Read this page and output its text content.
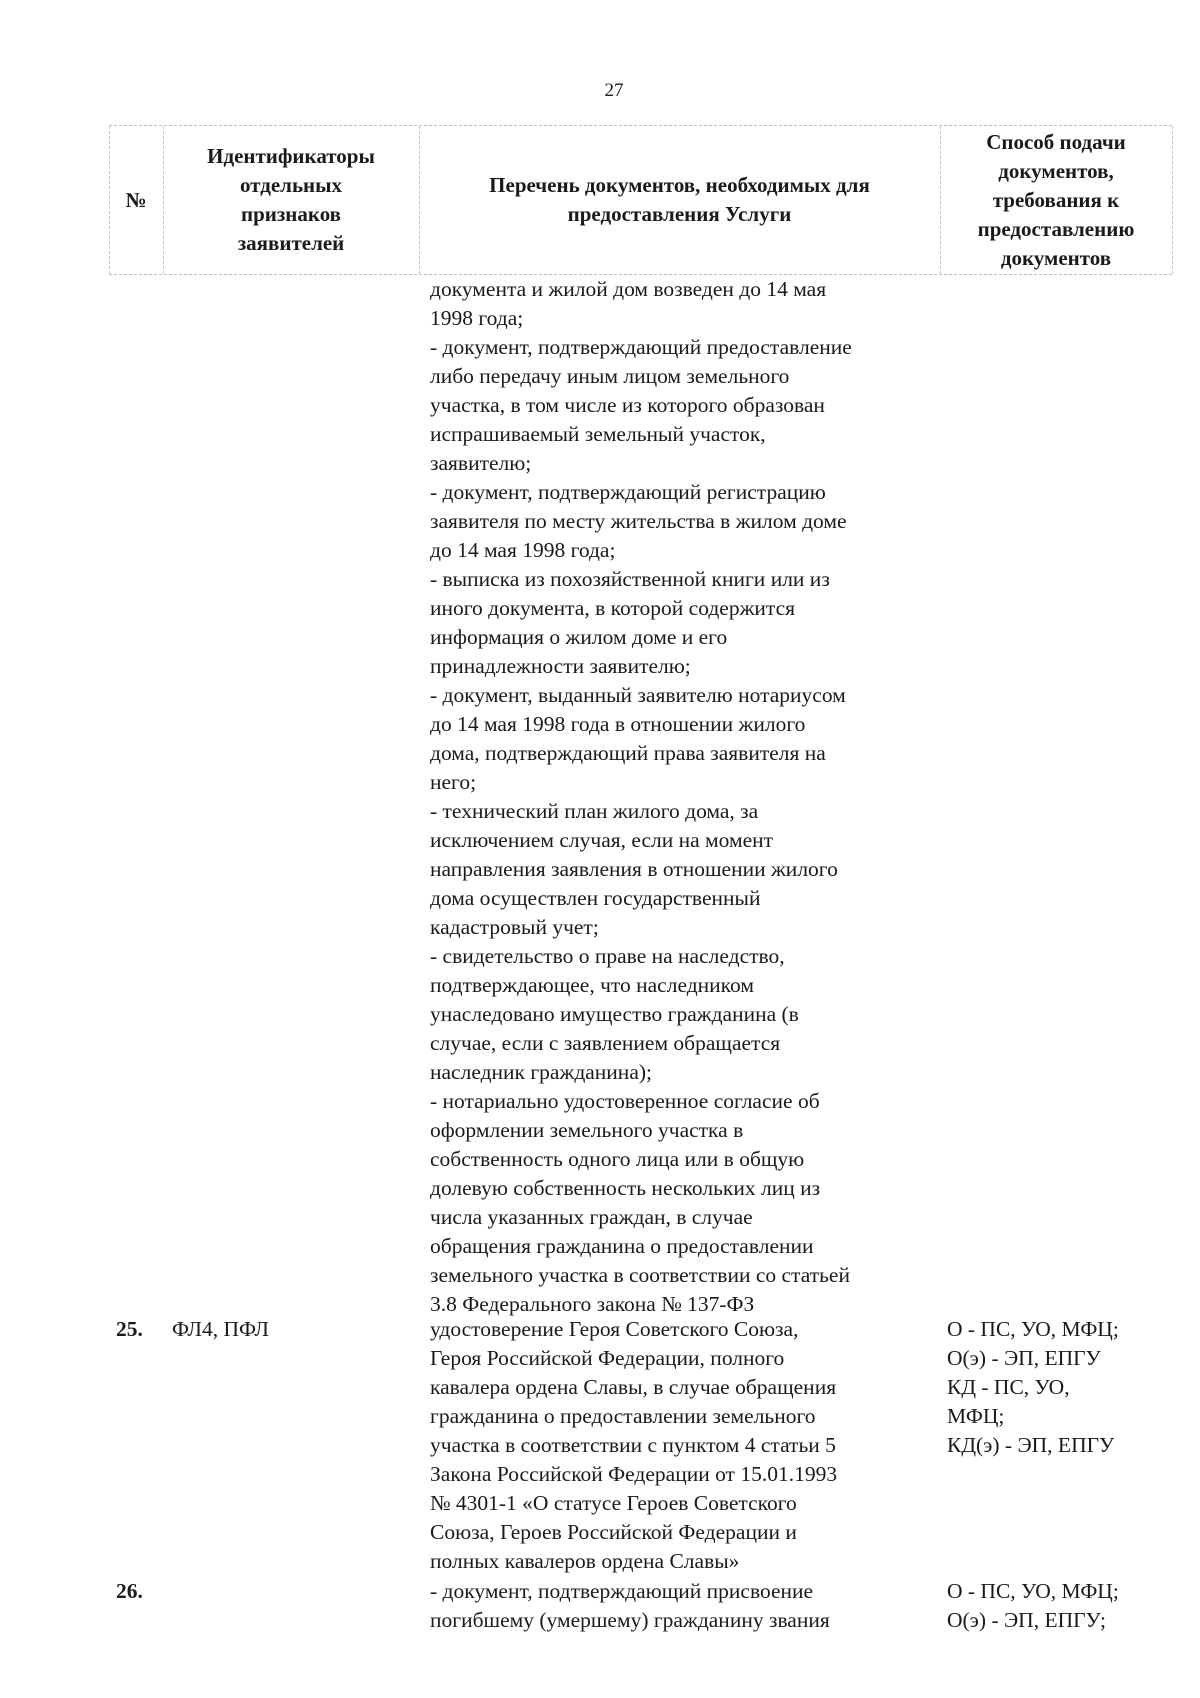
27
№
Идентификаторы
отдельных
признаков
заявителей
Перечень документов, необходимых для
предоставления Услуги
Способ подачи
документов,
требования к
предоставлению
документов
документа и жилой дом возведен до 14 мая
1998 года;
- документ, подтверждающий предоставление
либо передачу иным лицом земельного
участка, в том числе из которого образован
испрашиваемый земельный участок,
заявителю;
- документ, подтверждающий регистрацию
заявителя по месту жительства в жилом доме
до 14 мая 1998 года;
- выписка из похозяйственной книги или из
иного документа, в которой содержится
информация о жилом доме и его
принадлежности заявителю;
- документ, выданный заявителю нотариусом
до 14 мая 1998 года в отношении жилого
дома, подтверждающий права заявителя на
него;
- технический план жилого дома, за
исключением случая, если на момент
направления заявления в отношении жилого
дома осуществлен государственный
кадастровый учет;
- свидетельство о праве на наследство,
подтверждающее, что наследником
унаследовано имущество гражданина (в
случае, если с заявлением обращается
наследник гражданина);
- нотариально удостоверенное согласие об
оформлении земельного участка в
собственность одного лица или в общую
долевую собственность нескольких лиц из
числа указанных граждан, в случае
обращения гражданина о предоставлении
земельного участка в соответствии со статьей
3.8 Федерального закона № 137-ФЗ
25. ФЛ4, ПФЛ	удостоверение Героя Советского Союза,
Героя Российской Федерации, полного
кавалера ордена Славы, в случае обращения
гражданина о предоставлении земельного
участка в соответствии с пунктом 4 статьи 5
Закона Российской Федерации от 15.01.1993
№ 4301-1 «О статусе Героев Советского
Союза, Героев Российской Федерации и
полных кавалеров ордена Славы»
О - ПС, УО, МФЦ;
О(э) - ЭП, ЕПГУ
КД - ПС, УО,
МФЦ;
КД(э) - ЭП, ЕПГУ
26.	- документ, подтверждающий присвоение
погибшему (умершему) гражданину звания
О - ПС, УО, МФЦ;
О(э) - ЭП, ЕПГУ;
